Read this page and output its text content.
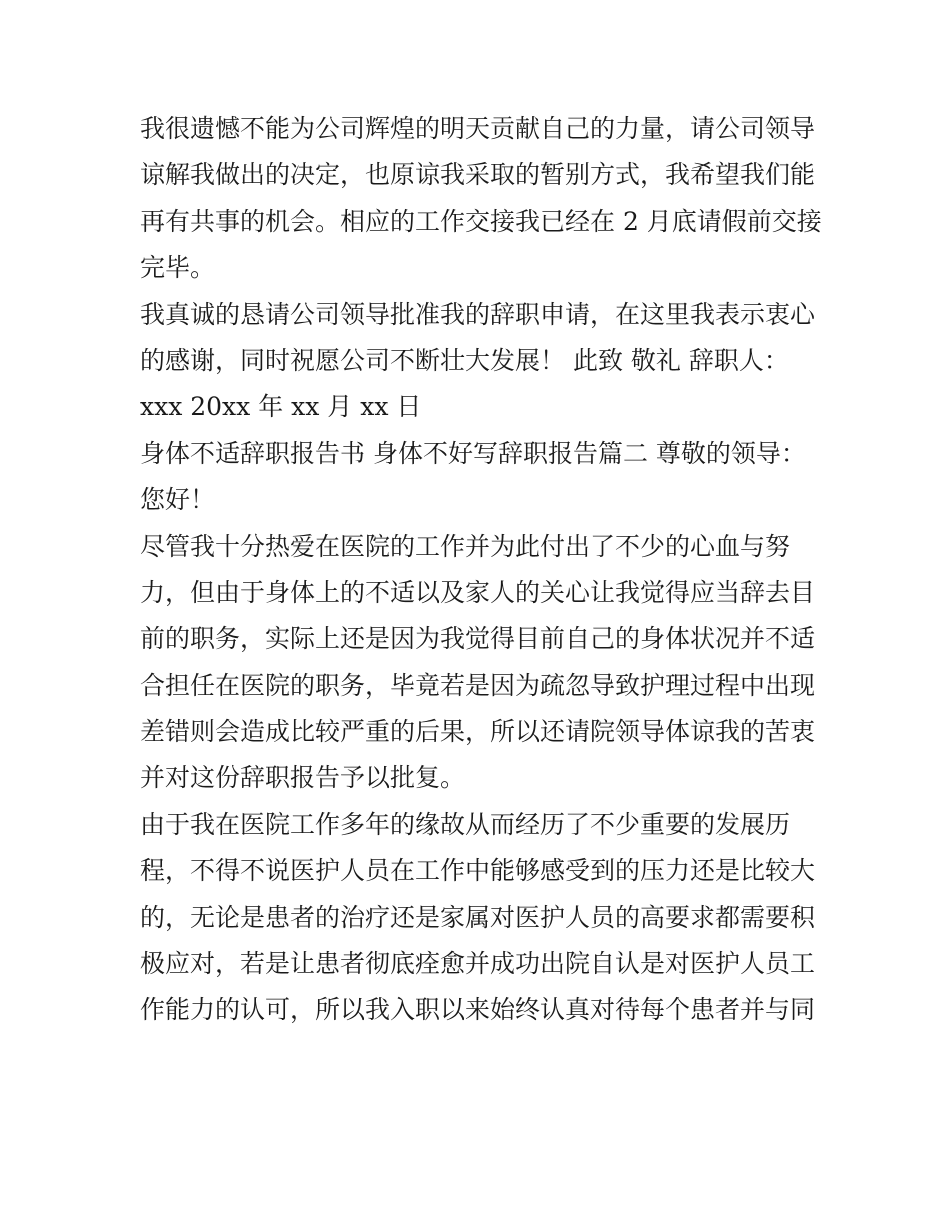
我很遗憾不能为公司辉煌的明天贡献自己的力量，请公司领导
谅解我做出的决定，也原谅我采取的暂别方式，我希望我们能
再有共事的机会。相应的工作交接我已经在 2 月底请假前交接
完毕。
我真诚的恳请公司领导批准我的辞职申请，在这里我表示衷心
的感谢，同时祝愿公司不断壮大发展！ 此致 敬礼 辞职人：
xxx 20xx 年 xx 月 xx 日
身体不适辞职报告书 身体不好写辞职报告篇二 尊敬的领导：
您好！
尽管我十分热爱在医院的工作并为此付出了不少的心血与努
力，但由于身体上的不适以及家人的关心让我觉得应当辞去目
前的职务，实际上还是因为我觉得目前自己的身体状况并不适
合担任在医院的职务，毕竟若是因为疏忽导致护理过程中出现
差错则会造成比较严重的后果，所以还请院领导体谅我的苦衷
并对这份辞职报告予以批复。
由于我在医院工作多年的缘故从而经历了不少重要的发展历
程，不得不说医护人员在工作中能够感受到的压力还是比较大
的，无论是患者的治疗还是家属对医护人员的高要求都需要积
极应对，若是让患者彻底痊愈并成功出院自认是对医护人员工
作能力的认可，所以我入职以来始终认真对待每个患者并与同
